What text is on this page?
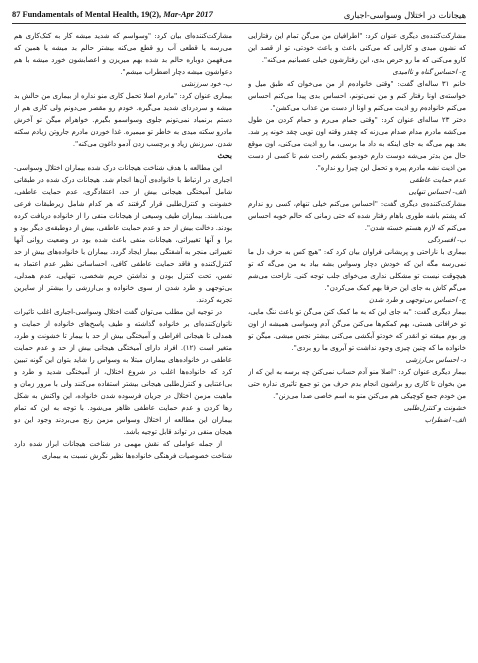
87 Fundamentals of Mental Health, 19(2), Mar-Apr 2017	هیجانات در اختلال وسواسی-اجباری

مشارکت‌کننده‌ی دیگری عنوان کرد: "اطرافیان من می‌گن تمام این رفتارایی که نشون میدی و کارایی که می‌کنی باعث و باعث خودتی، تو از قصد این کارو می‌کنی که ما رو حرص بدی، این رفتارشون خیلی عصبانیم می‌کنه".

ج- احساس گناه و ناامیدی

خانم ۳۱ ساله‌ای گفت: "وقتی خانواده‌م از من می‌خوان که طبق میل و خواسته‌ی اونا رفتار کنم و من نمی‌تونم، احساس بدی پیدا می‌کنم احساس می‌کنم خانواده‌م رو اذیت می‌کنم و اونا از دست من عذاب می‌کشن".

دختر ۲۳ ساله‌ای عنوان کرد: "وقتی حمام می‌رم و حمام کردن من طول می‌کشه مادرم مدام صدام می‌زنه که چقدر وقته اون تویی چقد خونه پر شد. بعد بهم می‌گه به جای اینکه به داد ما برسی، ما رو اذیت می‌کنی، اون موقع حال من بدتر می‌شه دوست دارم خودمو بکشم راحت شم تا کسی از دست من اذیت نشه مادرم پیره و تحمل این چیزا رو نداره".

عدم حمایت عاطفی

الف- احساس تنهایی

مشارکت‌کننده‌ی دیگری گفت: "احساس می‌کنم خیلی تنهام، کسی رو ندارم که پشتم باشه طوری باهام رفتار شده که حتی زمانی که حالم خوبه احساس می‌کنم که لازم هستم خسته شدن".

ب- افسردگی

بیماری با ناراحتی و پریشانی فراوان بیان کرد که: "هیچ کس به حرف دل ما نمی‌رسه مگه این که خودش دچار وسواس بشه بیاد به من می‌گه که تو هیچوقت نیست تو مشکلی نداری می‌خوای جلب توجه کنی. ناراحت می‌شم می‌گم کاش به جای این حرفا بهم کمک می‌کردن".

ج- احساس بی‌توجهی و طرد شدن

بیمار دیگری گفت: "به جای این که به ما کمک کنن می‌گن تو باعث ننگ مایی، تو خرافاتی هستی، بهم کمکم‌ها می‌کنن می‌گن آدم وسواسی همیشه از اون ور بوم میفته تو انقدر که خودتو آبکشی می‌کنی بیشتر نجس میشی. میگن تو خانواده ما که چنین چیزی وجود نداشت تو آبروی ما رو بردی".

د- احساس بی‌ارزشی

بیمار دیگری عنوان کرد: "اصلا منو آدم حساب نمی‌کنن چه برسه به این که از من بخوان تا کاری رو براشون انجام بدم حرف من تو جمع تاثیری نداره حتی من خودم جمع کوچیکی هم می‌کنن منو به اسم خاصی صدا می‌زنن".

خشونت و کنترل‌طلبی

الف- اضطراب

مشارکت‌کننده‌ای بیان کرد: "وسواسم که شدید میشه کار به کتک‌کاری هم می‌رسه یا قطعی آب رو قطع می‌کنه بیشتر حالم بد میشه یا همین که می‌فهمن دوباره حالم بد شده بهم میریزن و اعصابشون خورد میشه با هم دعواشون میشه دچار اضطراب میشم".

ب- خود سرزنشی

بیماری عنوان کرد: "مادرم اصلا تحمل کاری منو نداره از بیماری من حالش بد میشه و سردردای شدید می‌گیره. خودم رو مقصر می‌دونم ولی کاری هم از دستم برنمیاد نمی‌تونم جلوی وسواسمو بگیرم. خواهرام میگن تو آخرش مادرو سکته میدی به خاطر تو میمیره. غذا خوردن مادرم جاروتن زیادم سکته شدن. سرزنش زیاد و برچسب زدن آدمو داغون می‌کنه".

بحث

این مطالعه با هدف شناخت هیجانات درک شده بیماران اختلال وسواسی-اجباری در ارتباط با خانواده‌ی آن‌ها انجام شد. هیجانات درک شده در طبقاتی شامل آمیختگی هیجانی بیش از حد، اعتقادگری، عدم حمایت عاطفی، خشونت و کنترل‌طلبی قرار گرفتند که هر کدام شامل زیرطبقات فرعی می‌باشند. بیماران طیف وسیعی از هیجانات منفی را از خانواده دریافت کرده بودند. دخالت بیش از حد و عدم حمایت عاطفی، بیش از دوطبقه‌ی دیگر بود و برا و آنها تغییراتی، هیجانات منفی باعث شده بود در وضعیت روانی آنها تغییراتی منجر به آشفتگی بیمار ایجاد گردد. بیماران با خانواده‌های بیش از حد کنترل‌کننده و فاقد حمایت عاطفی کافی، احساساتی نظیر عدم اعتماد به نفس، تحت کنترل بودن و نداشتن حریم شخصی، تنهایی، عدم همدلی، بی‌توجهی و طرد شدن از سوی خانواده و بی‌ارزشی را بیشتر از سایرین تجربه کردند.

در توجیه این مطلب می‌توان گفت اختلال وسواسی-اجباری اغلب تاثیرات ناتوان‌کننده‌ای بر خانواده گذاشته و طیف پاسخ‌های خانواده از حمایت و همدلی تا هیجانی افراطی و آمیختگی بیش از حد با بیمار تا خشونت و طرد، متغیر است (۱۲). افراد دارای آمیختگی هیجانی بیش از حد و عدم حمایت عاطفی در خانواده‌های بیماران مبتلا به وسواس را شاید بتوان این گونه تبیین کرد که خانواده‌ها اغلب در شروع اختلال، از آمیختگی شدید و طرد و بی‌اعتنایی و کنترل‌طلبی هیجانی بیشتر استفاده می‌کنند ولی با مرور زمان و ماهیت مزمن اختلال در جریان فرسوده شدن خانواده، این واکنش به شکل رها کردن و عدم حمایت عاطفی ظاهر می‌شود. با توجه به این که تمام بیماران این مطالعه از اختلال وسواس مزمن رنج می‌بردند وجود این دو هیجان منفی در تواند قابل توجیه باشد.

از جمله عواملی که نقش مهمی در شناخت هیجانات ابراز شده دارد شناخت خصوصیات فرهنگی خانواده‌ها نظیر نگرش نسبت به بیماری
